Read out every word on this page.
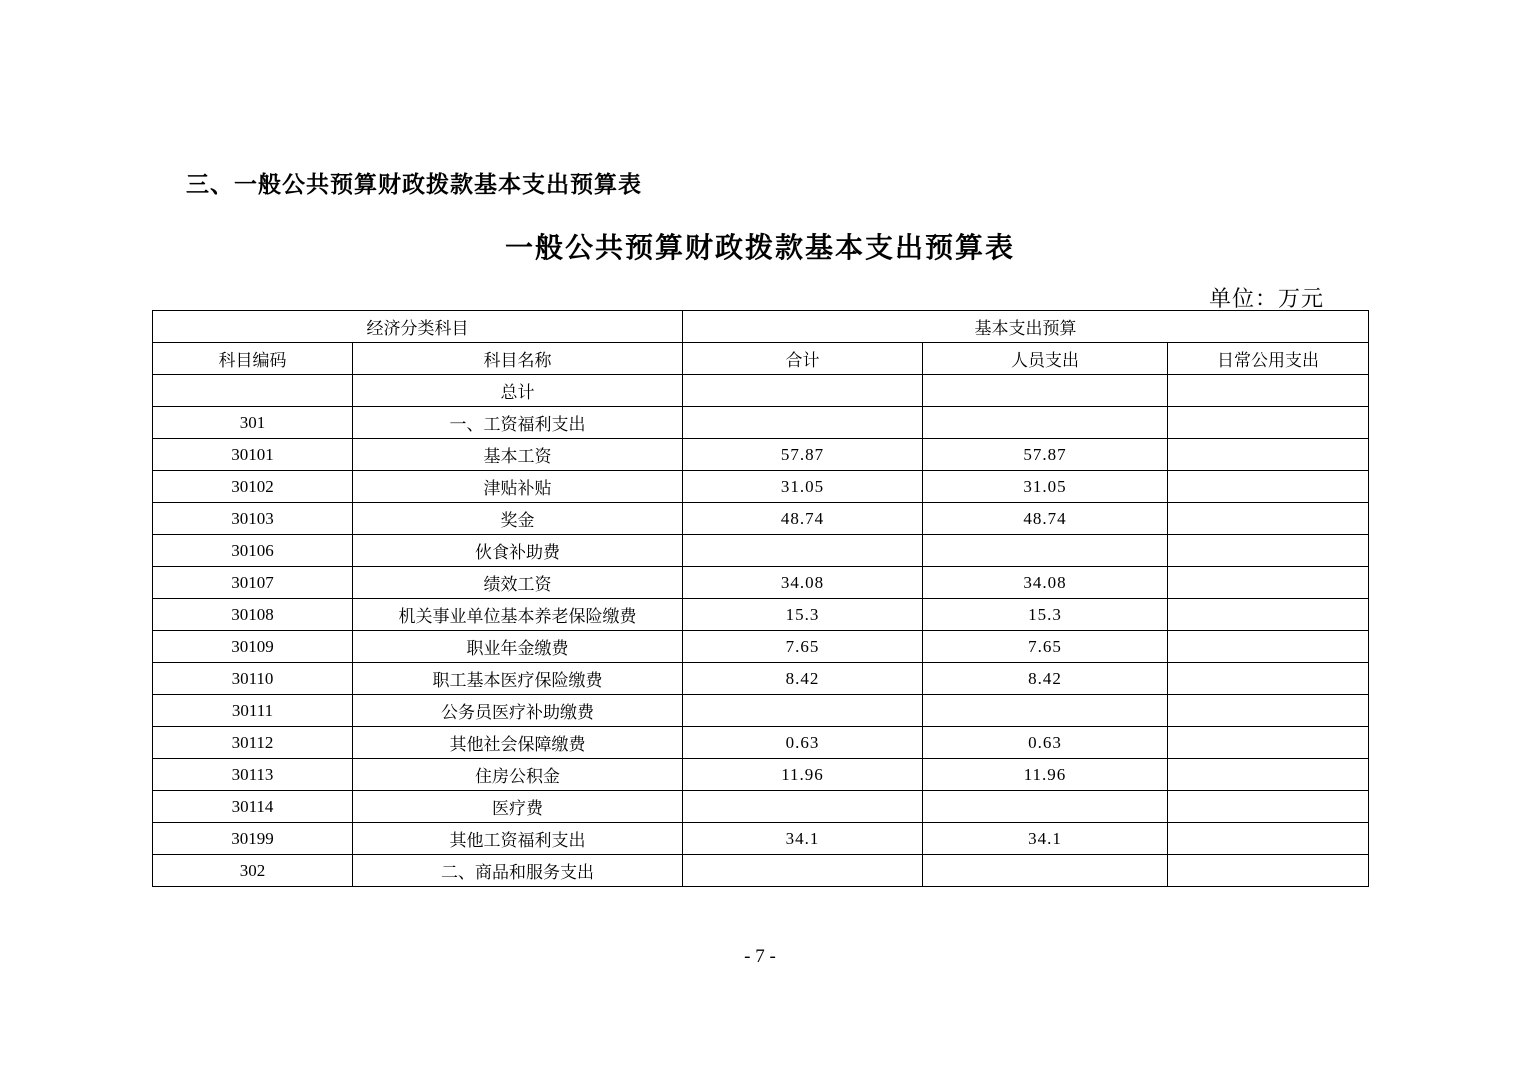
三、一般公共预算财政拨款基本支出预算表
一般公共预算财政拨款基本支出预算表
单位：万元
经济分类科目		基本支出预算		
科目编码	科目名称	合计	人员支出	日常公用支出
	总计			
301	一、工资福利支出			
30101	基本工资	57.87	57.87	
30102	津贴补贴	31.05	31.05	
30103	奖金	48.74	48.74	
30106	伙食补助费			
30107	绩效工资	34.08	34.08	
30108	机关事业单位基本养老保险缴费	15.3	15.3	
30109	职业年金缴费	7.65	7.65	
30110	职工基本医疗保险缴费	8.42	8.42	
30111	公务员医疗补助缴费			
30112	其他社会保障缴费	0.63	0.63	
30113	住房公积金	11.96	11.96	
30114	医疗费			
30199	其他工资福利支出	34.1	34.1	
302	二、商品和服务支出			
- 7 -
